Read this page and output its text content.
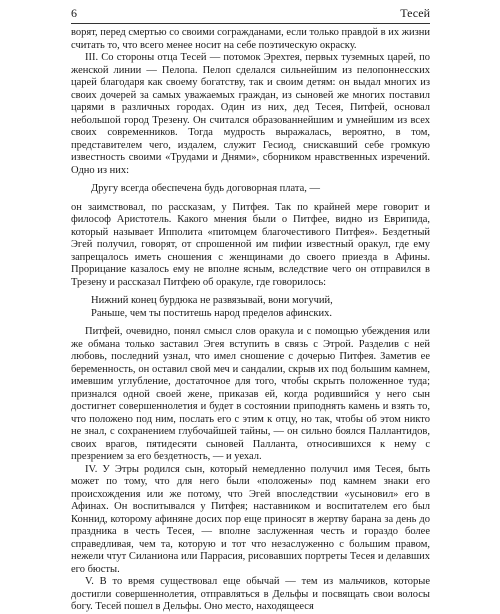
6	Тесей

ворят, перед смертью со своими согражданами, если только правдой в их жизни считать то, что всего менее носит на себе поэтическую окраску.

III. Со стороны отца Тесей — потомок Эрехтея, первых туземных царей, по женской линии — Пелопа. Пелоп сделался сильнейшим из пелопоннесских царей благодаря как своему богатству, так и своим детям: он выдал многих из своих дочерей за самых уважаемых граждан, из сыновей же многих поставил царями в различных городах. Один из них, дед Тесея, Питфей, основал небольшой город Трезену. Он считался образованнейшим и умнейшим из всех своих современников. Тогда мудрость выражалась, вероятно, в том, представителем чего, издалем, служит Гесиод, снискавший себе громкую известность своими «Трудами и Днями», сборником нравственных изречений. Одно из них:

Другу всегда обеспечена будь договорная плата, —

он заимствовал, по рассказам, у Питфея. Так по крайней мере говорит и философ Аристотель. Какого мнения были о Питфее, видно из Еврипида, который называет Ипполита «питомцем благочестивого Питфея». Бездетный Эгей получил, говорят, от спрошенной им пифии известный оракул, где ему запрещалось иметь сношения с женщинами до своего приезда в Афины. Прорицание казалось ему не вполне ясным, вследствие чего он отправился в Трезену и рассказал Питфею об оракуле, где говорилось:

Нижний конец бурдюка не развязывай, вони могучий,

Раньше, чем ты поститешь народ пределов афинских.

Питфей, очевидно, понял смысл слов оракула и с помощью убеждения или же обмана только заставил Эгея вступить в связь с Этрой. Разделив с ней любовь, последний узнал, что имел сношение с дочерью Питфея. Заметив ее беременность, он оставил свой меч и сандалии, скрыв их под большим камнем, имевшим углубление, достаточное для того, чтобы скрыть положенное туда; признался одной своей жене, приказав ей, когда родившийся у него сын достигнет совершеннолетия и будет в состоянии приподнять камень и взять то, что положено под ним, послать его с этим к отцу, но так, чтобы об этом никто не знал, с сохранением глубочайшей тайны, — он сильно боялся Паллантидов, своих врагов, пятидесяти сыновей Палланта, относившихся к нему с презрением за его бездетность, — и уехал.

IV. У Этры родился сын, который немедленно получил имя Тесея, быть может по тому, что для него были «положены» под камнем знаки его происхождения или же потому, что Эгей впоследствии «усыновил» его в Афинах. Он воспитывался у Питфея; наставником и воспитателем его был Коннид, которому афиняне досих пор еще приносят в жертву барана за день до праздника в честь Тесея, — вполне заслуженная честь и гораздо более справедливая, чем та, которую и тот что незаслуженно с большим правом, нежели чтут Силаниона или Паррасия, рисовавших портреты Тесея и делавших его бюсты.

V. В то время существовал еще обычай — тем из мальчиков, которые достигли совершеннолетия, отправляться в Дельфы и посвящать свои волосы богу. Тесей пошел в Дельфы. Оно место, находящееся
